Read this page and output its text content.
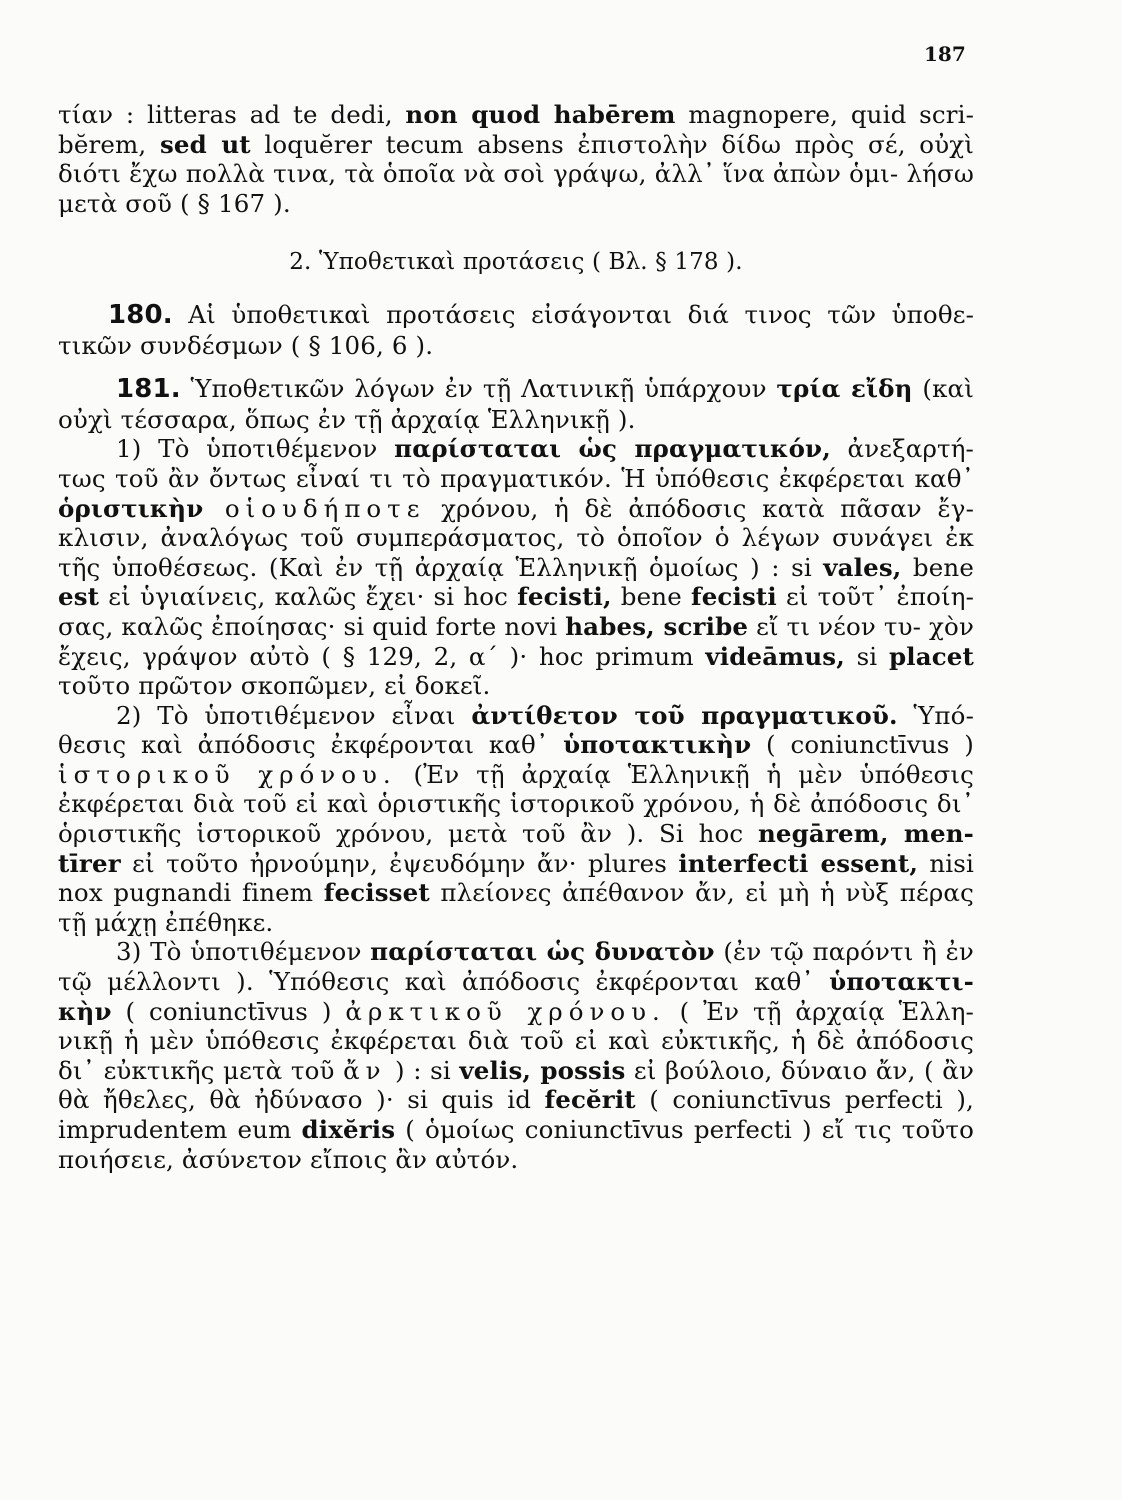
187

τίαν : litteras ad te dedi, non quod habērem magnopere, quid scri- bĕrem, sed ut loquĕrer tecum absens ἐπιστολὴν δίδω πρὸς σέ, οὐχὶ διότι ἔχω πολλὰ τινα, τὰ ὁποῖα νὰ σοὶ γράψω, ἀλλ᾽ ἵνα ἀπὼν ὁμι- λήσω μετὰ σοῦ ( § 167 ).

2. Ὑποθετικαὶ προτάσεις ( Βλ. § 178 ).

180. Αἱ ὑποθετικαὶ προτάσεις εἰσάγονται διά τινος τῶν ὑποθε- τικῶν συνδέσμων ( § 106, 6 ).

181. Ὑποθετικῶν λόγων ἐν τῇ Λατινικῇ ὑπάρχουν τρία εἴδη (καὶ οὐχὶ τέσσαρα, ὅπως ἐν τῇ ἀρχαίᾳ Ἑλληνικῇ ).

1) Τὸ ὑποτιθέμενον παρίσταται ὡς πραγματικόν, ἀνεξαρτή- τως τοῦ ἂν ὄντως εἶναί τι τὸ πραγματικόν. Ἡ ὑπόθεσις ἐκφέρεται καθ᾽ ὁριστικὴν οἱουδήποτε χρόνου, ἡ δὲ ἀπόδοσις κατὰ πᾶσαν ἔγ- κλισιν, ἀναλόγως τοῦ συμπεράσματος, τὸ ὁποῖον ὁ λέγων συνάγει ἐκ τῆς ὑποθέσεως. (Καὶ ἐν τῇ ἀρχαίᾳ Ἑλληνικῇ ὁμοίως ) : si vales, bene est εἰ ὑγιαίνεις, καλῶς ἔχει· si hoc fecisti, bene fecisti εἰ τοῦτ᾽ ἐποίη- σας, καλῶς ἐποίησας· si quid forte novi habes, scribe εἴ τι νέον τυ- χὸν ἔχεις, γράψον αὐτὸ ( § 129, 2, α΄ )· hoc primum videāmus, si placet τοῦτο πρῶτον σκοπῶμεν, εἰ δοκεῖ.

2) Τὸ ὑποτιθέμενον εἶναι ἀντίθετον τοῦ πραγματικοῦ. Ὑπό- θεσις καὶ ἀπόδοσις ἐκφέρονται καθ᾽ ὑποτακτικὴν ( coniunctīvus ) ἱστορικοῦ χρόνου. (Ἐν τῇ ἀρχαίᾳ Ἑλληνικῇ ἡ μὲν ὑπόθεσις ἐκφέρεται διὰ τοῦ εἰ καὶ ὁριστικῆς ἱστορικοῦ χρόνου, ἡ δὲ ἀπόδοσις δι᾽ ὁριστικῆς ἱστορικοῦ χρόνου, μετὰ τοῦ ἂν ). Si hoc negārem, men- tīrer εἰ τοῦτο ἠρνούμην, ἐψευδόμην ἄν· plures interfecti essent, nisi nox pugnandi finem fecisset πλείονες ἀπέθανον ἄν, εἰ μὴ ἡ νὺξ πέρας τῇ μάχῃ ἐπέθηκε.

3) Τὸ ὑποτιθέμενον παρίσταται ὡς δυνατὸν (ἐν τῷ παρόντι ἢ ἐν τῷ μέλλοντι ). Ὑπόθεσις καὶ ἀπόδοσις ἐκφέρονται καθ᾽ ὑποτακτι- κὴν ( coniunctīvus ) ἀρκτικοῦ χρόνου. ( Ἐν τῇ ἀρχαίᾳ Ἑλλη- νικῇ ἡ μὲν ὑπόθεσις ἐκφέρεται διὰ τοῦ εἰ καὶ εὐκτικῆς, ἡ δὲ ἀπόδοσις δι᾽ εὐκτικῆς μετὰ τοῦ ἄν ) : si velis, possis εἰ βούλοιο, δύναιο ἄν, ( ἂν θὰ ἤθελες, θὰ ἠδύνασο )· si quis id fecĕrit ( coniunctīvus perfecti ), imprudentem eum dixĕris ( ὁμοίως coniunctīvus perfecti ) εἴ τις τοῦτο ποιήσειε, ἀσύνετον εἴποις ἂν αὐτόν.
